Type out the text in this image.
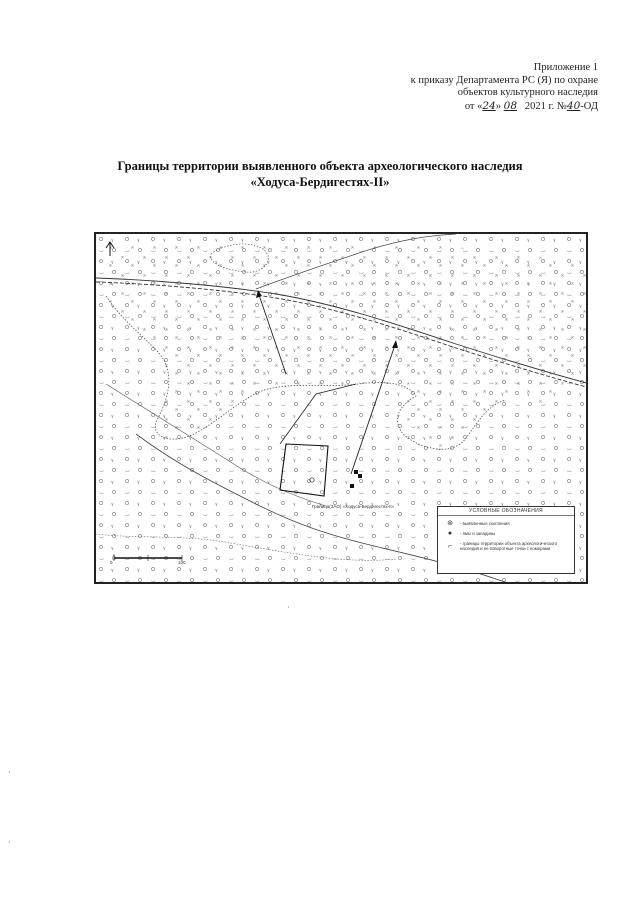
Приложение 1
к приказу Департамента РС (Я) по охране
объектов культурного наследия
от «24» 08   2021 г. №40-ОД
Границы территории выявленного объекта археологического наследия
«Ходуса-Бердигестях-II»
Граница(ЗАО) «Ходуса-Бердигестях-II»
0	100
УСЛОВНЫЕ ОБОЗНАЧЕНИЯ
⊛	- выявленные скопления
●	- ямы и западины
⌐	- границы территории объекта археологического наследия и ее поворотные точки с номерами
·
·
·
